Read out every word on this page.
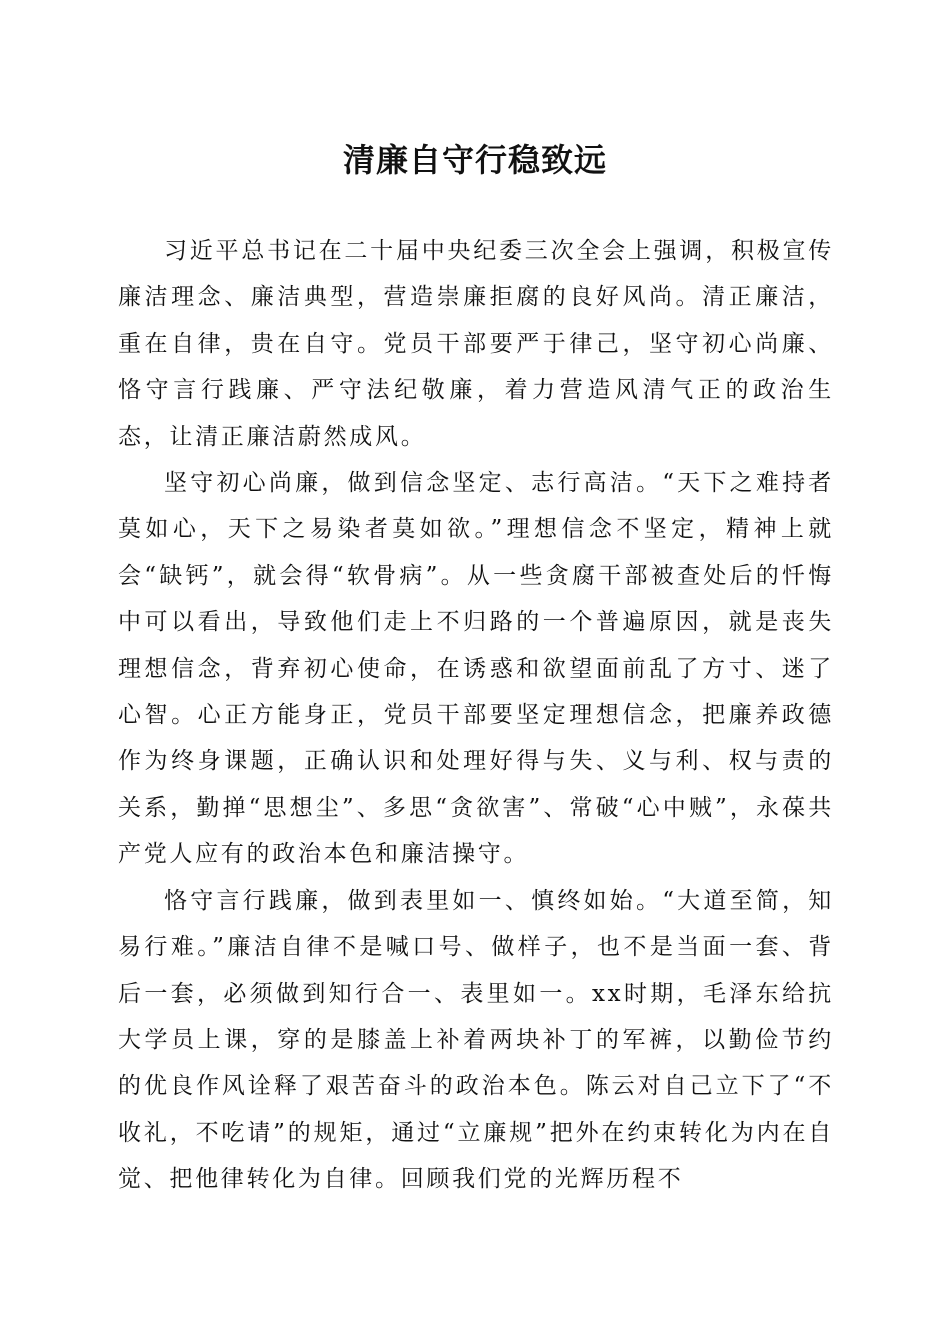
清廉自守行稳致远

习近平总书记在二十届中央纪委三次全会上强调，积极宣传廉洁理念、廉洁典型，营造崇廉拒腐的良好风尚。清正廉洁，重在自律，贵在自守。党员干部要严于律己，坚守初心尚廉、恪守言行践廉、严守法纪敬廉，着力营造风清气正的政治生态，让清正廉洁蔚然成风。

坚守初心尚廉，做到信念坚定、志行高洁。“天下之难持者莫如心，天下之易染者莫如欲。”理想信念不坚定，精神上就会“缺钙”，就会得“软骨病”。从一些贪腐干部被查处后的忏悔中可以看出，导致他们走上不归路的一个普遍原因，就是丧失理想信念，背弃初心使命，在诱惑和欲望面前乱了方寸、迷了心智。心正方能身正，党员干部要坚定理想信念，把廉养政德作为终身课题，正确认识和处理好得与失、义与利、权与责的关系，勤掸“思想尘”、多思“贪欲害”、常破“心中贼”，永葆共产党人应有的政治本色和廉洁操守。

恪守言行践廉，做到表里如一、慎终如始。“大道至简，知易行难。”廉洁自律不是喊口号、做样子，也不是当面一套、背后一套，必须做到知行合一、表里如一。xx时期，毛泽东给抗大学员上课，穿的是膝盖上补着两块补丁的军裤，以勤俭节约的优良作风诠释了艰苦奋斗的政治本色。陈云对自己立下了“不收礼，不吃请”的规矩，通过“立廉规”把外在约束转化为内在自觉、把他律转化为自律。回顾我们党的光辉历程不
